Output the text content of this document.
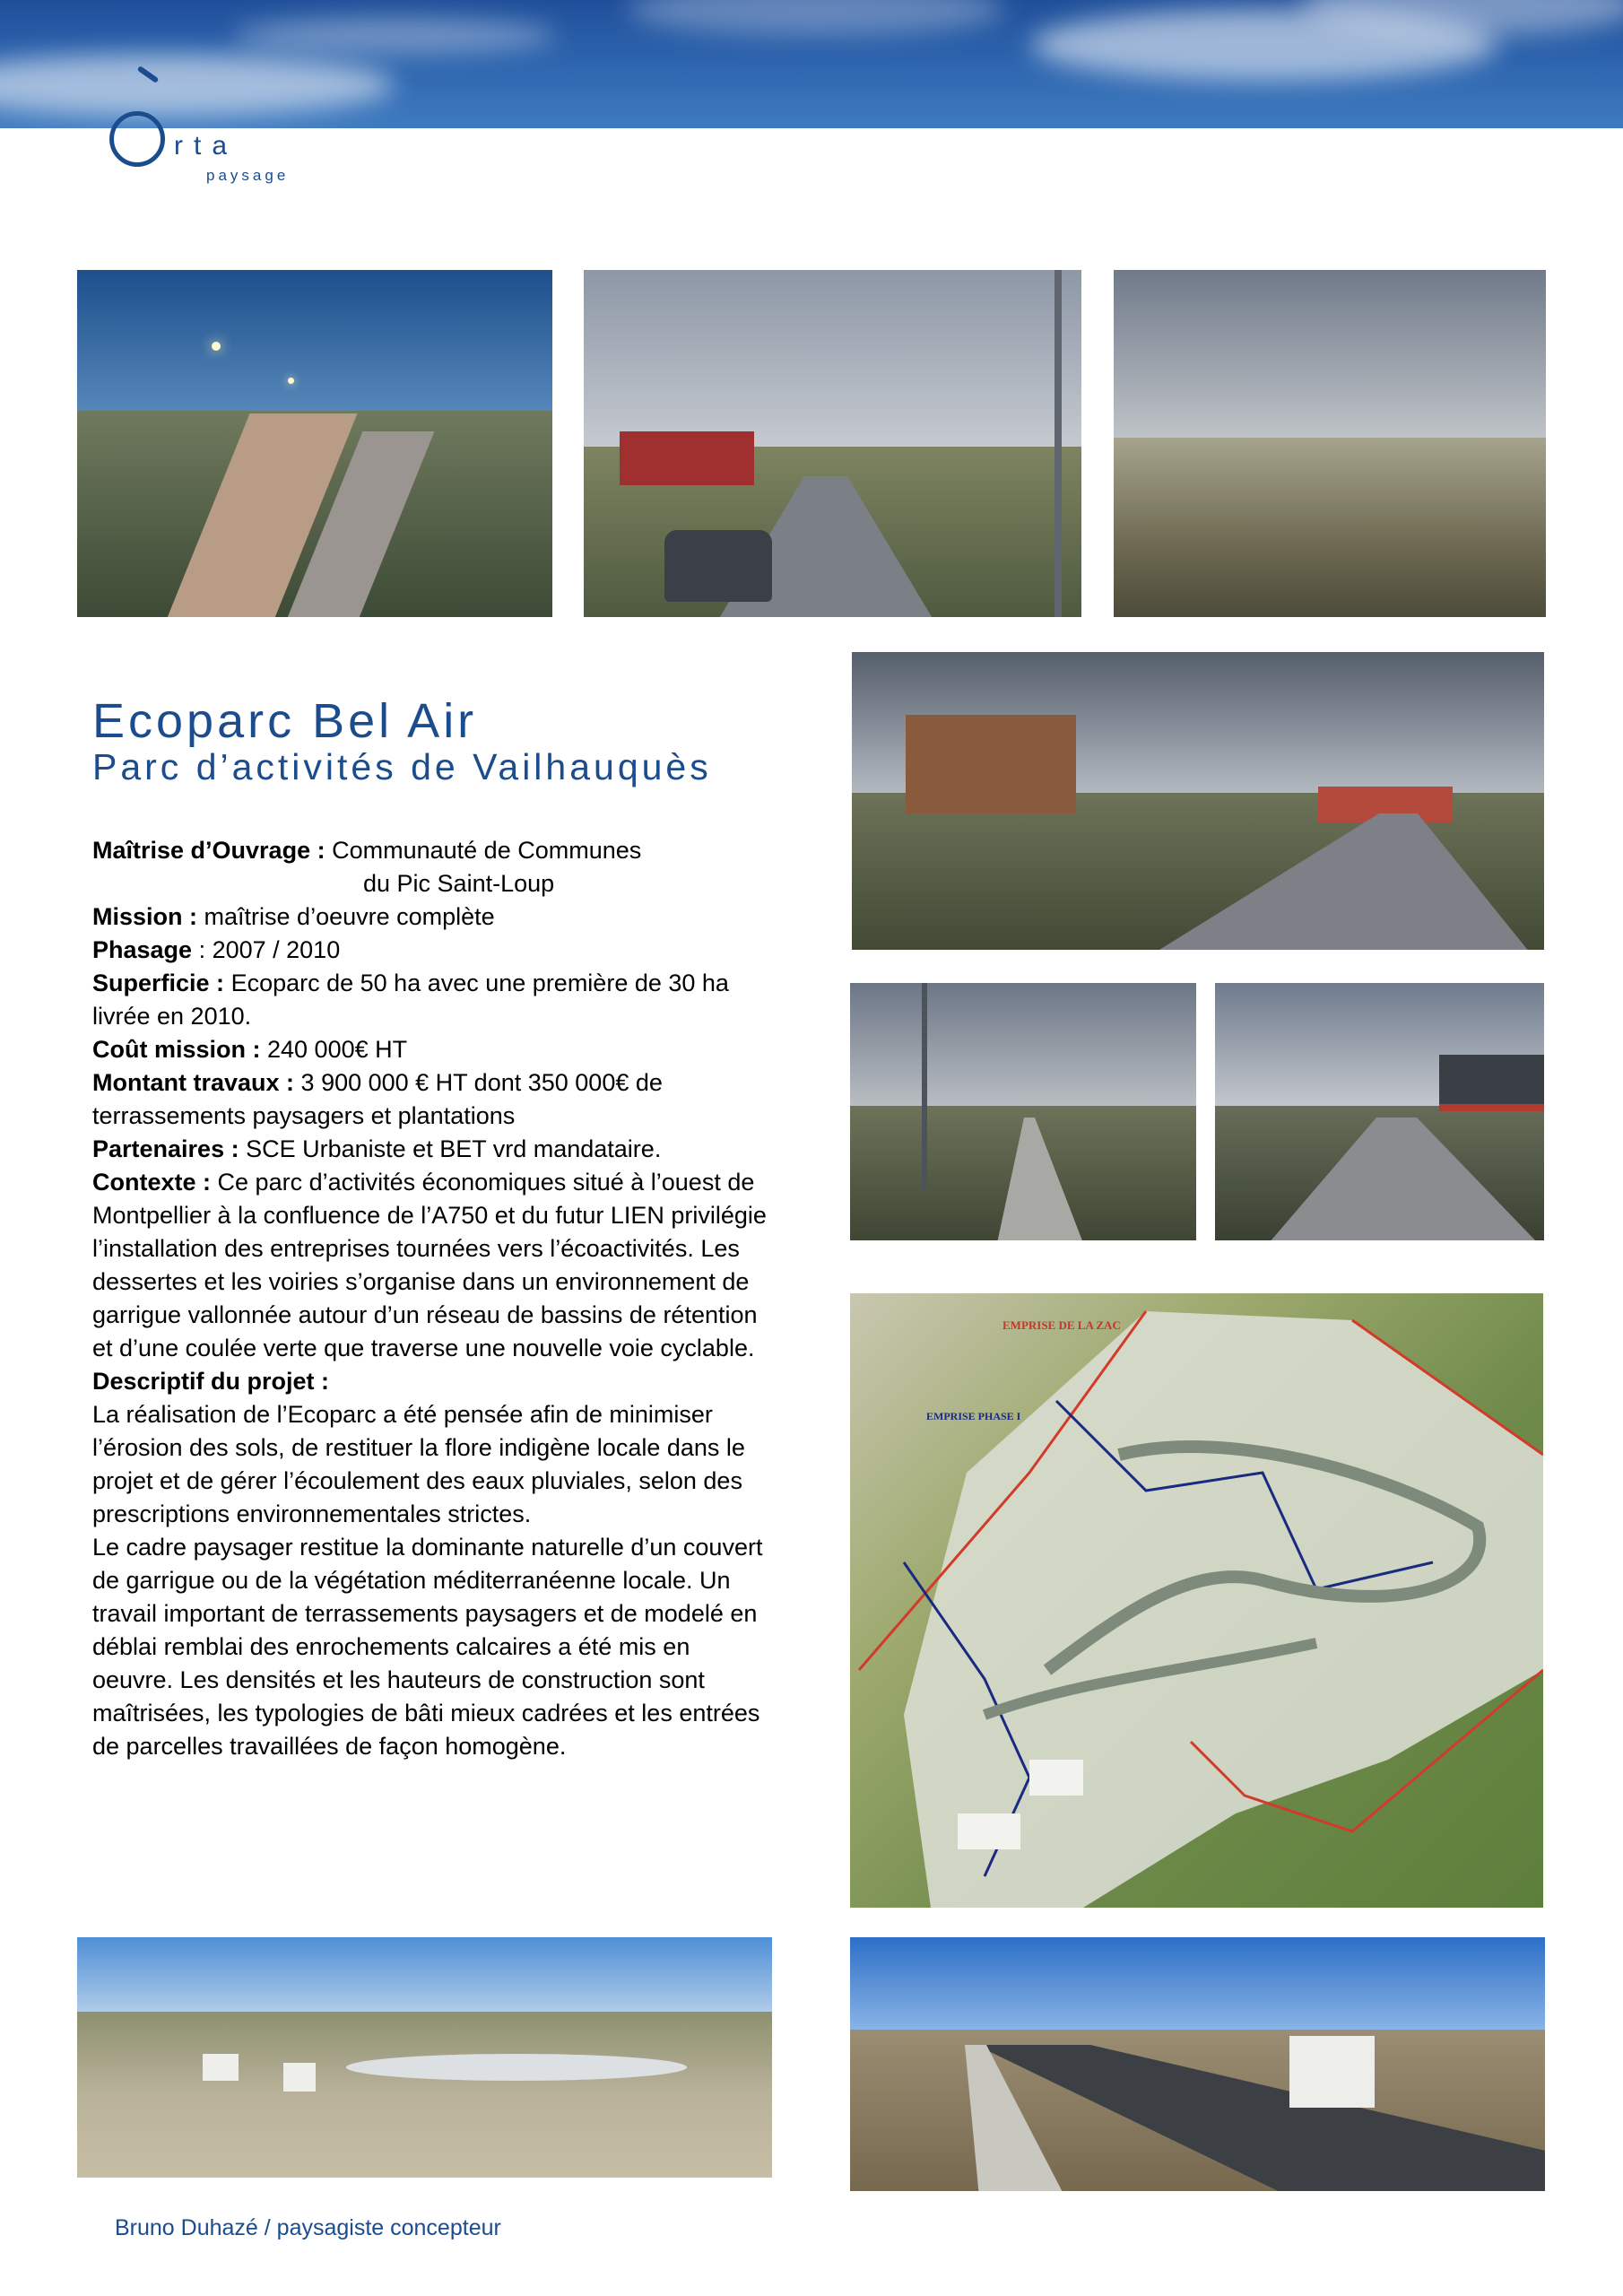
rta
paysage
EMPRISE DE LA ZAC
EMPRISE PHASE I
Ecoparc Bel Air
Parc d’activités de Vailhauquès

Maîtrise d’Ouvrage : Communauté de Communes

du Pic Saint-Loup

Mission : maîtrise d’oeuvre complète

Phasage : 2007 / 2010

Superficie : Ecoparc de 50 ha avec une première de 30 ha livrée en 2010.

Coût mission : 240 000€ HT

Montant travaux : 3 900 000 € HT dont 350 000€ de terrassements paysagers et plantations

Partenaires : SCE Urbaniste et BET vrd mandataire.

Contexte : Ce parc d’activités économiques situé à l’ouest de Montpellier à la confluence de l’A750 et du futur LIEN privilégie l’installation des entreprises tournées vers l’écoactivités. Les dessertes et les voiries s’organise dans un environnement de garrigue vallonnée autour d’un réseau de bassins de rétention et d’une coulée verte que traverse une nouvelle voie cyclable.

Descriptif du projet :

La réalisation de l’Ecoparc a été pensée afin de minimiser l’érosion des sols, de restituer la flore indigène locale dans le projet et de gérer l’écoulement des eaux pluviales, selon des prescriptions environnementales strictes.

Le cadre paysager restitue la dominante naturelle d’un couvert de garrigue ou de la végétation méditerranéenne locale. Un travail important de terrassements paysagers et de modelé en déblai remblai des enrochements calcaires a été mis en oeuvre. Les densités et les hauteurs de construction sont maîtrisées, les typologies de bâti mieux cadrées et les entrées de parcelles travaillées de façon homogène.

Bruno Duhazé / paysagiste concepteur
